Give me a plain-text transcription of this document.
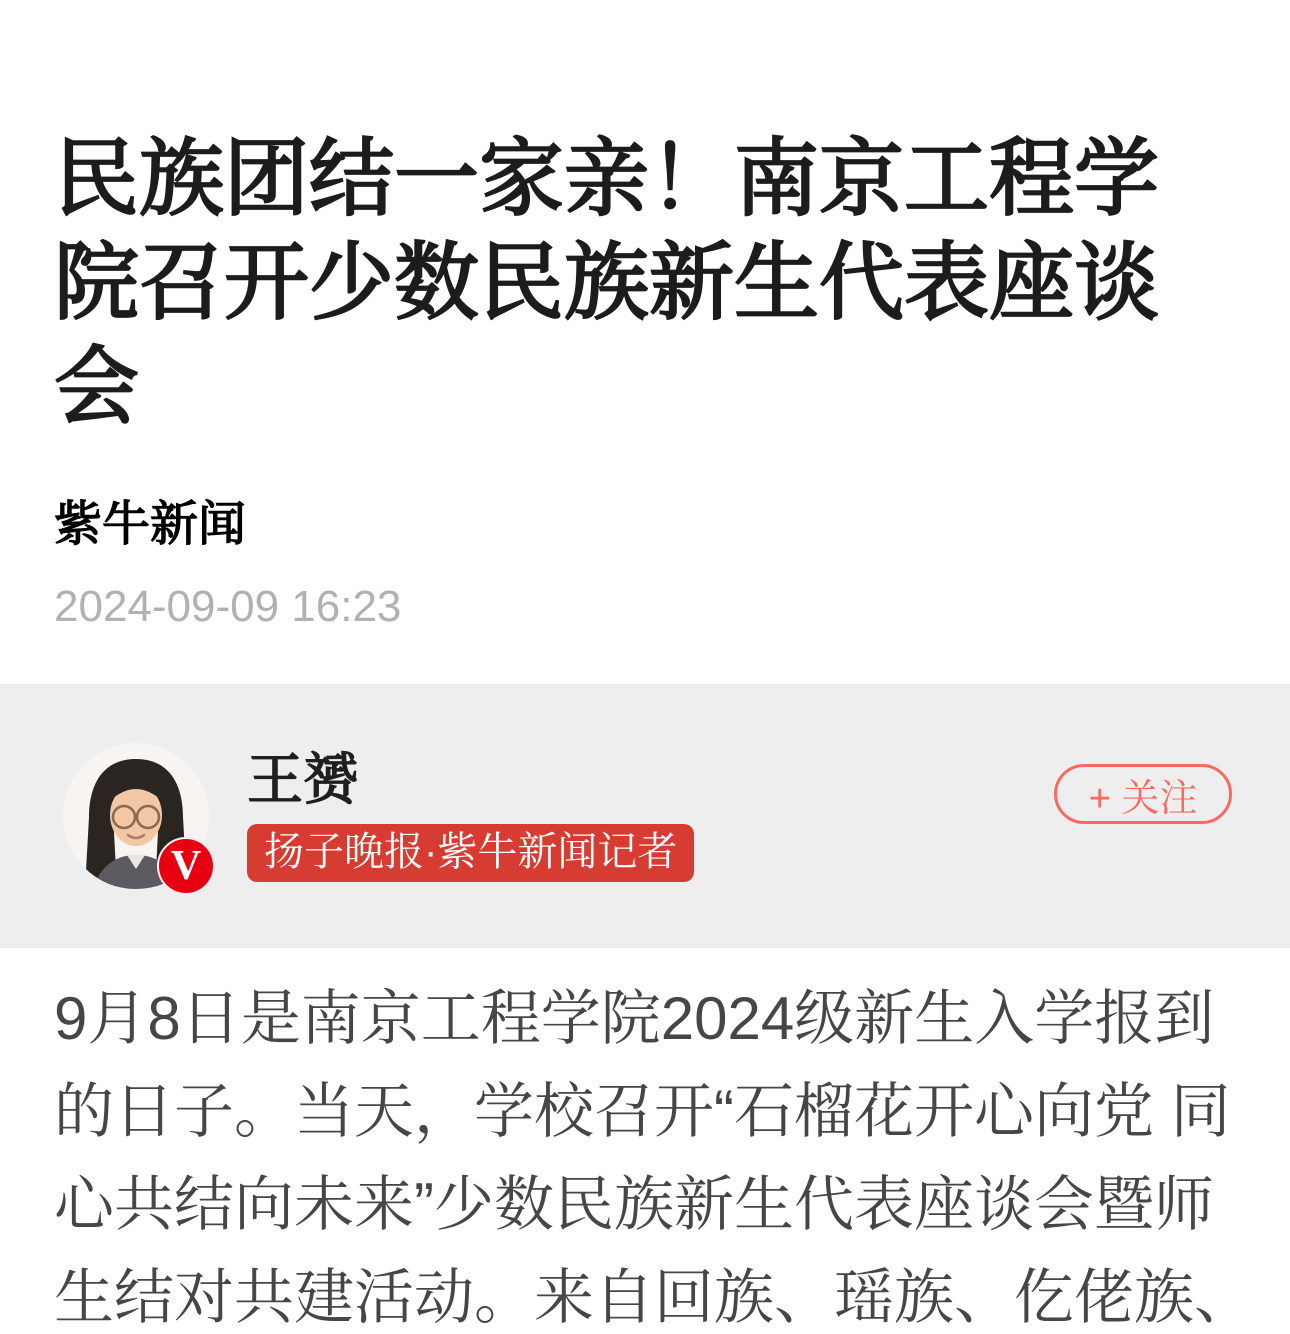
民族团结一家亲！南京工程学院召开少数民族新生代表座谈会
紫牛新闻
2024-09-09 16:23
V
王赟
扬子晚报·紫牛新闻记者
+ 关注

9月8日是南京工程学院2024级新生入学报到

的日子。当天，学校召开“石榴花开心向党 同

心共结向未来”少数民族新生代表座谈会暨师

生结对共建活动。来自回族、瑶族、仡佬族、
